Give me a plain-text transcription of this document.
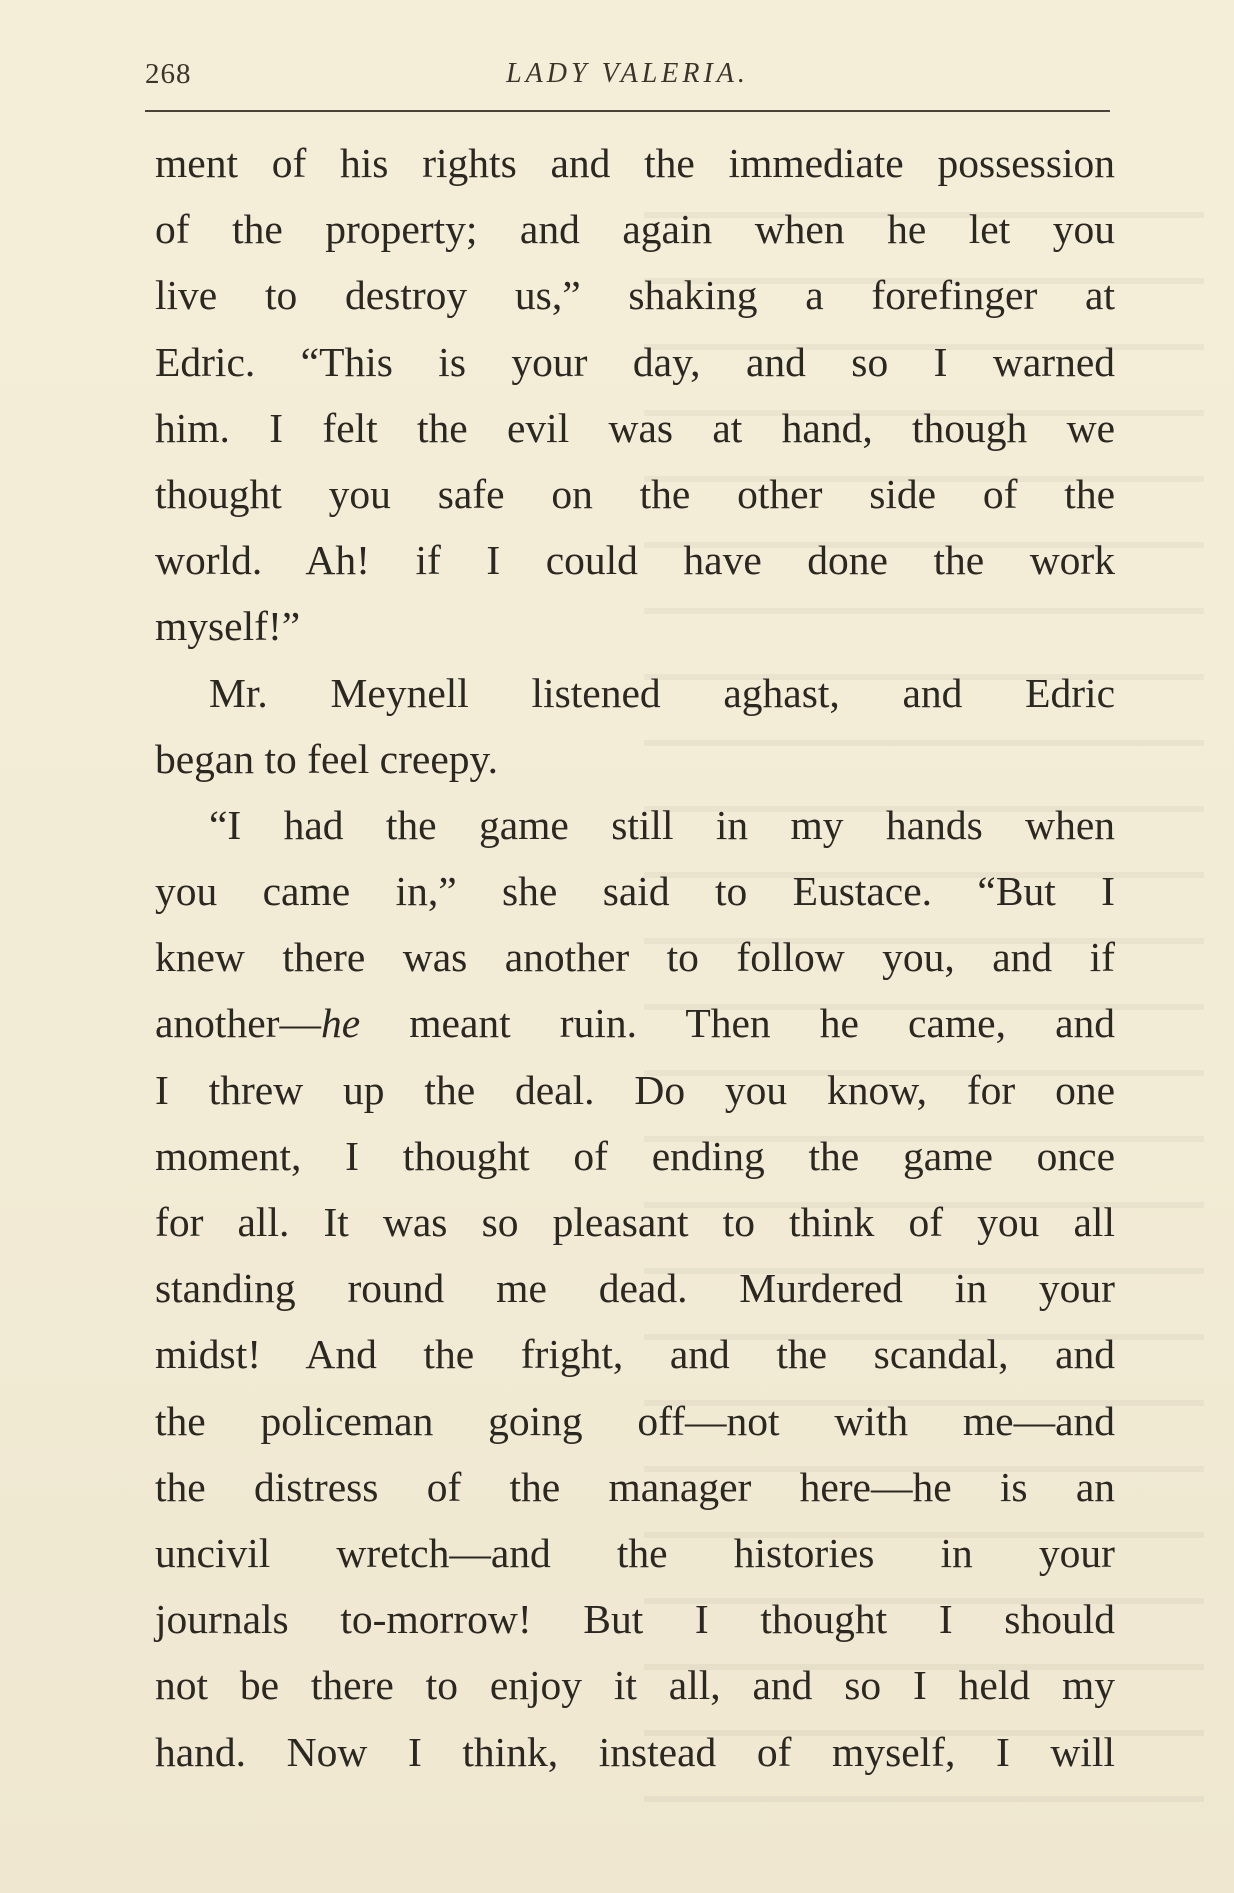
268	LADY VALERIA.
ment of his rights and the immediate possession
of the property; and again when he let you
live to destroy us,” shaking a forefinger at
Edric. “This is your day, and so I warned
him. I felt the evil was at hand, though we
thought you safe on the other side of the
world. Ah! if I could have done the work
myself!”
Mr. Meynell listened aghast, and Edric
began to feel creepy.
“I had the game still in my hands when
you came in,” she said to Eustace. “But I
knew there was another to follow you, and if
another—he meant ruin. Then he came, and
I threw up the deal. Do you know, for one
moment, I thought of ending the game once
for all. It was so pleasant to think of you all
standing round me dead. Murdered in your
midst! And the fright, and the scandal, and
the policeman going off—not with me—and
the distress of the manager here—he is an
uncivil wretch—and the histories in your
journals to-morrow! But I thought I should
not be there to enjoy it all, and so I held my
hand. Now I think, instead of myself, I will
